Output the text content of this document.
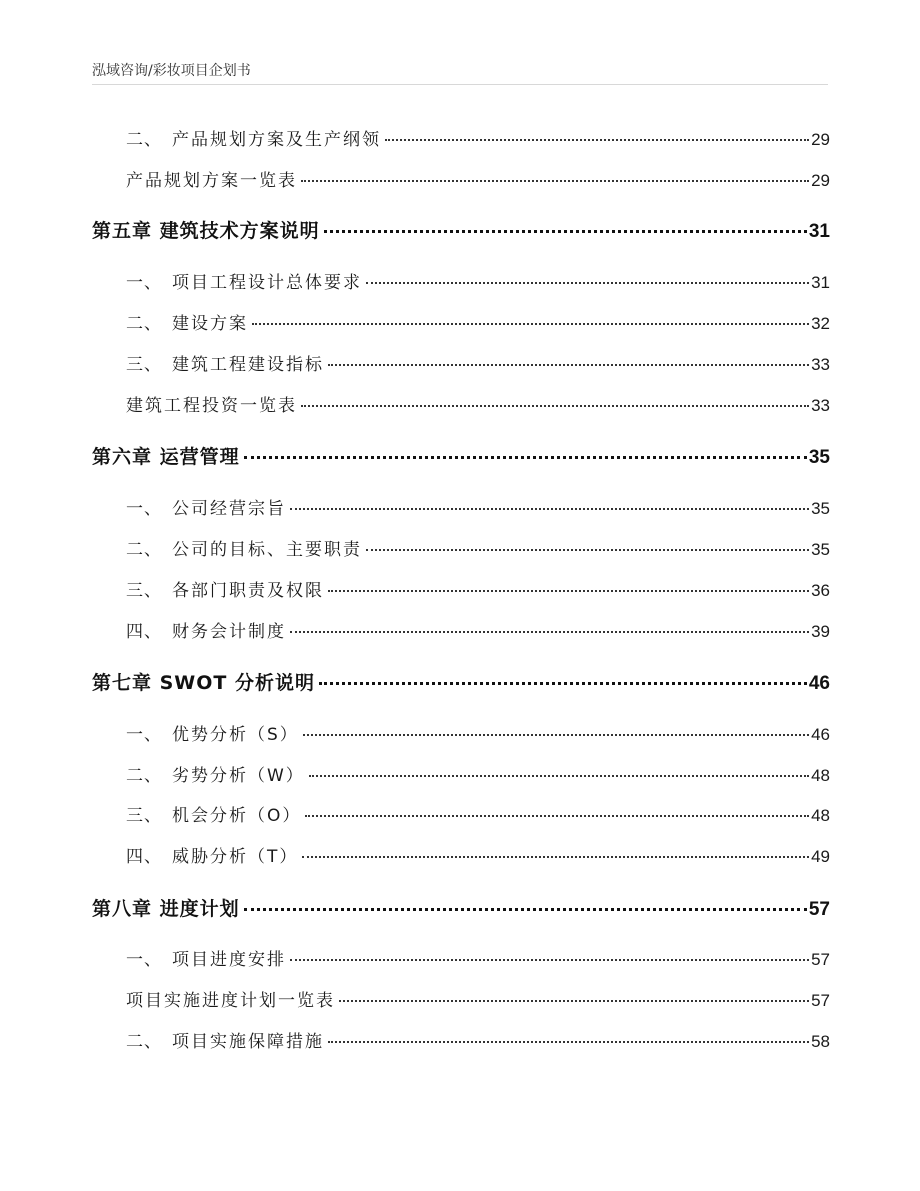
泓域咨询/彩妆项目企划书
二、 产品规划方案及生产纲领	29
产品规划方案一览表	29
第五章 建筑技术方案说明	31
一、 项目工程设计总体要求	31
二、 建设方案	32
三、 建筑工程建设指标	33
建筑工程投资一览表	33
第六章 运营管理	35
一、 公司经营宗旨	35
二、 公司的目标、主要职责	35
三、 各部门职责及权限	36
四、 财务会计制度	39
第七章 SWOT 分析说明	46
一、 优势分析（S）	46
二、 劣势分析（W）	48
三、 机会分析（O）	48
四、 威胁分析（T）	49
第八章 进度计划	57
一、 项目进度安排	57
项目实施进度计划一览表	57
二、 项目实施保障措施	58
